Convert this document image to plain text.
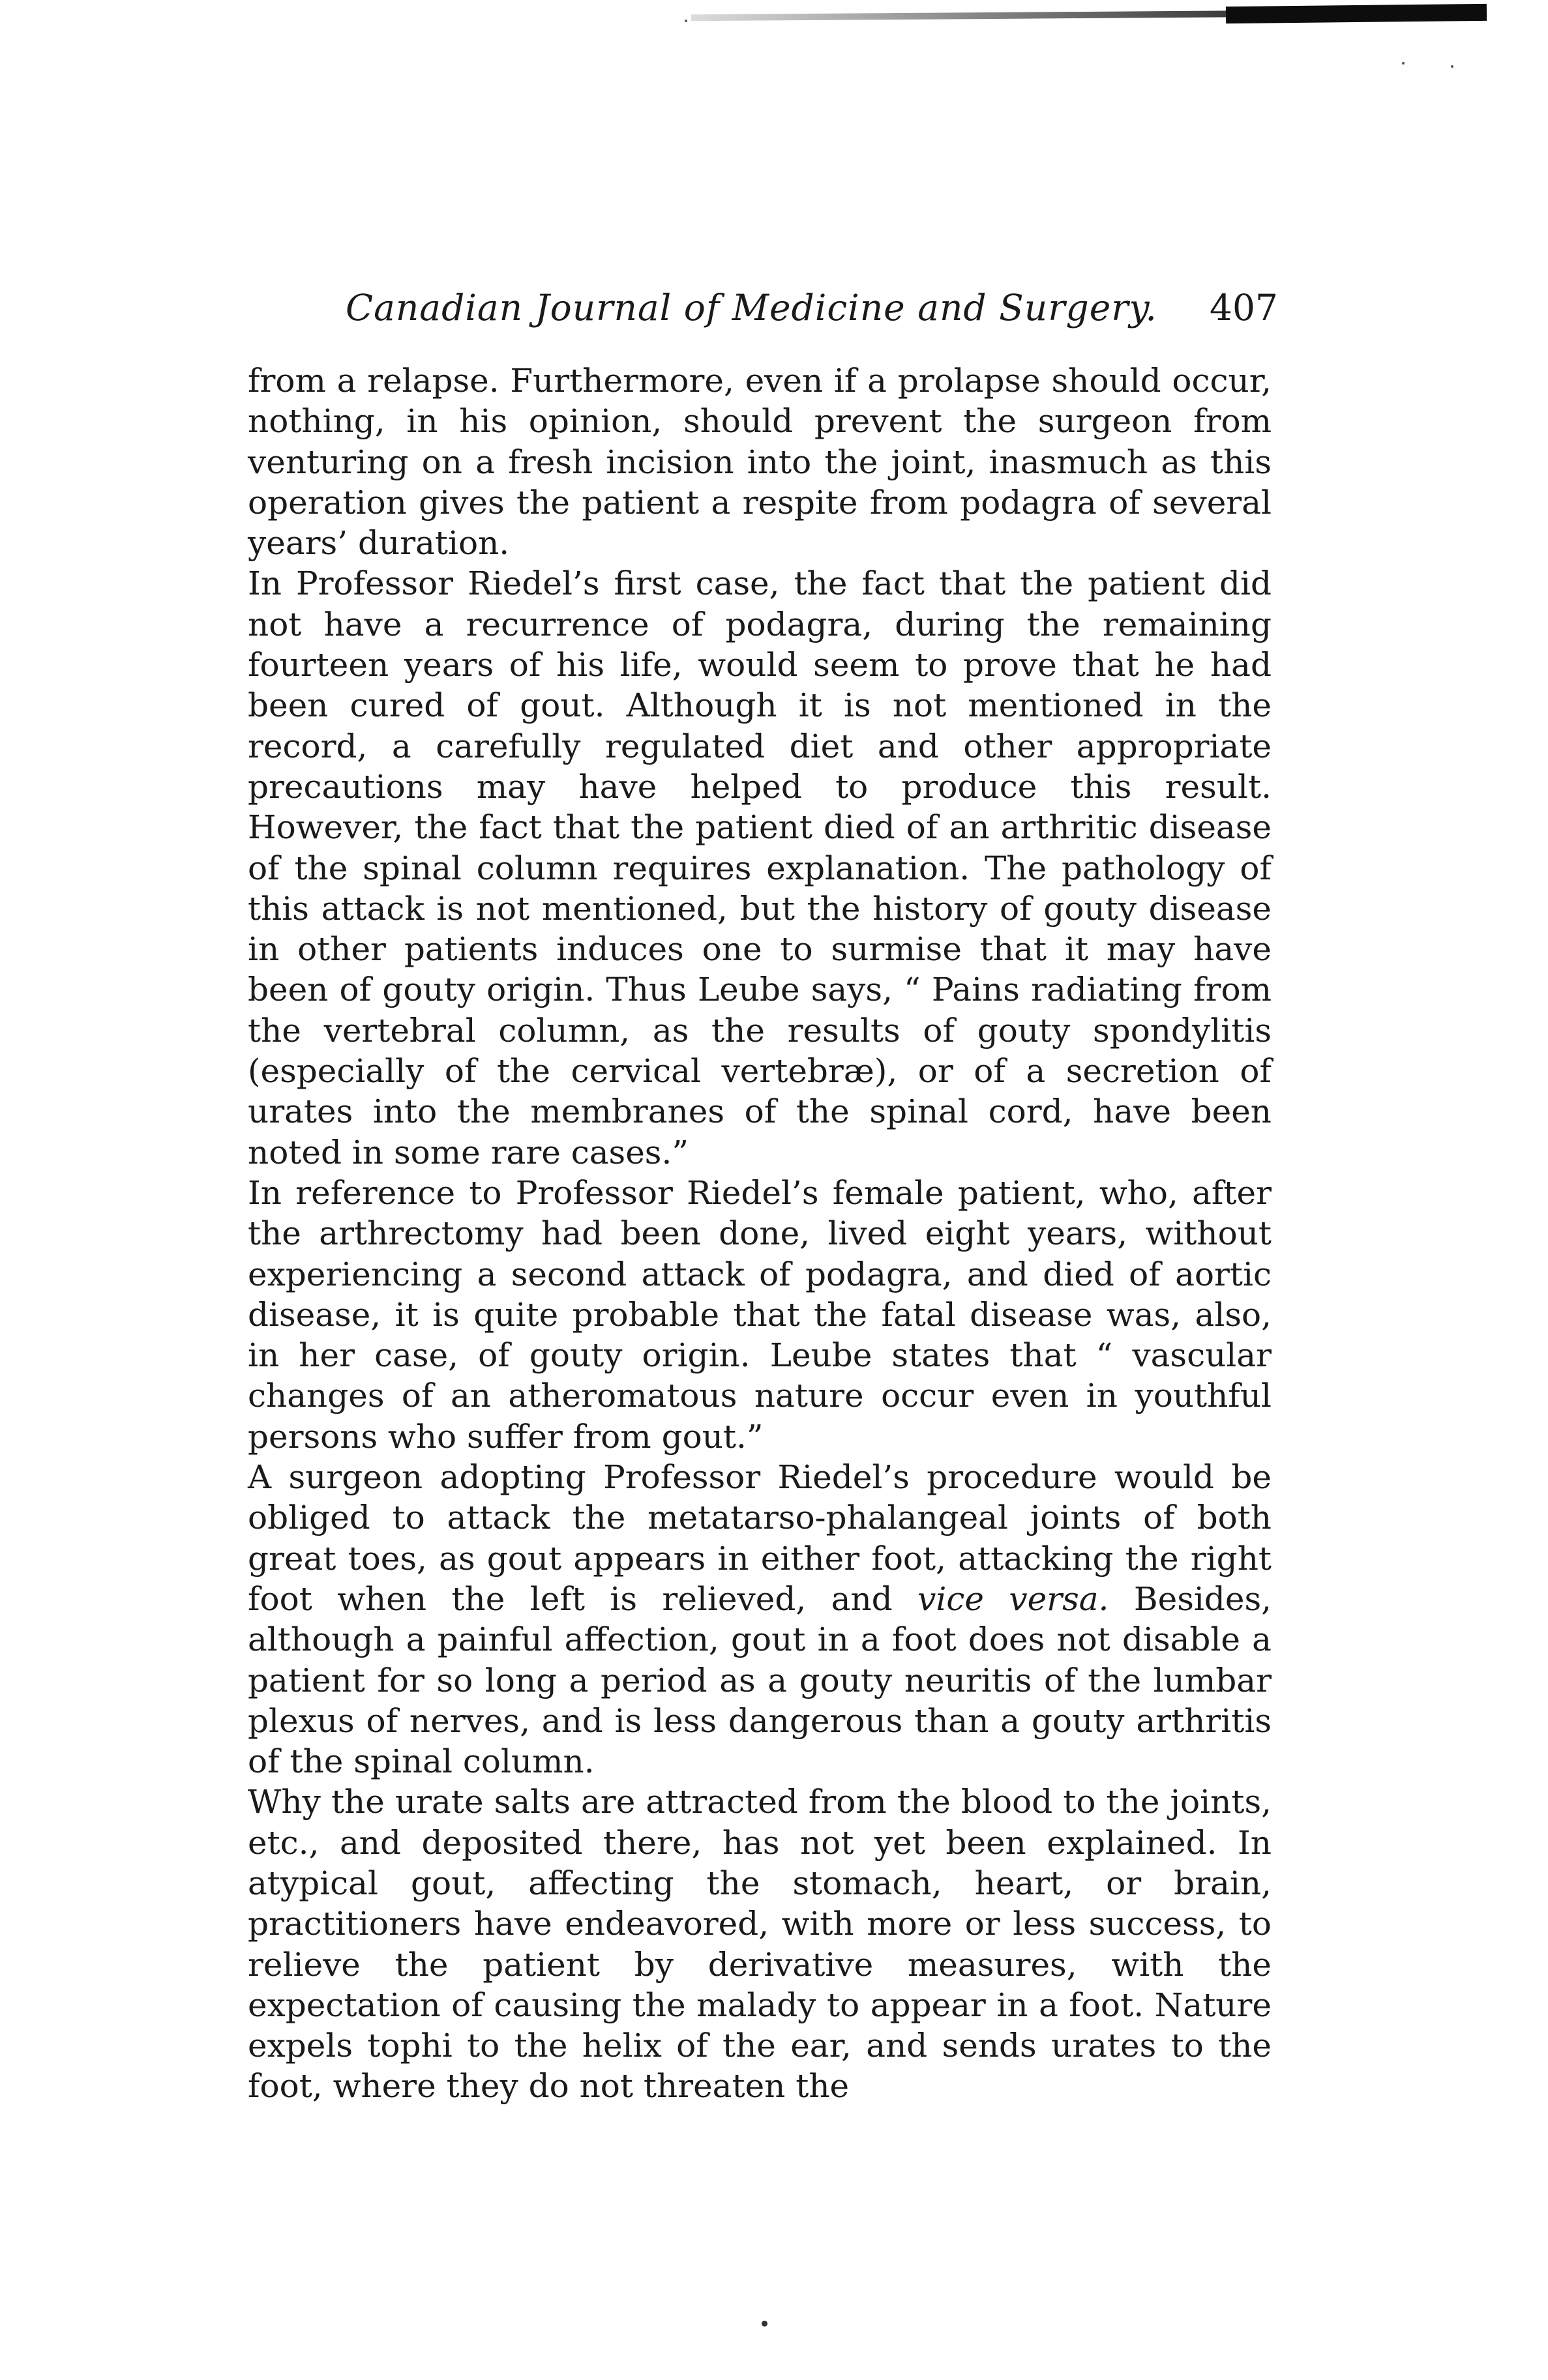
Canadian Journal of Medicine and Surgery. 407

from a relapse. Furthermore, even if a prolapse should occur, nothing, in his opinion, should prevent the surgeon from venturing on a fresh incision into the joint, inasmuch as this operation gives the patient a respite from podagra of several years’ duration.

In Professor Riedel’s first case, the fact that the patient did not have a recurrence of podagra, during the remaining fourteen years of his life, would seem to prove that he had been cured of gout. Although it is not mentioned in the record, a carefully regulated diet and other appropriate precautions may have helped to produce this result. However, the fact that the patient died of an arthritic disease of the spinal column requires explanation. The pathology of this attack is not mentioned, but the history of gouty disease in other patients induces one to surmise that it may have been of gouty origin. Thus Leube says, “ Pains radiating from the vertebral column, as the results of gouty spondylitis (especially of the cervical vertebræ), or of a secretion of urates into the membranes of the spinal cord, have been noted in some rare cases.”

In reference to Professor Riedel’s female patient, who, after the arthrectomy had been done, lived eight years, without experiencing a second attack of podagra, and died of aortic disease, it is quite probable that the fatal disease was, also, in her case, of gouty origin. Leube states that “ vascular changes of an atheromatous nature occur even in youthful persons who suffer from gout.”

A surgeon adopting Professor Riedel’s procedure would be obliged to attack the metatarso-phalangeal joints of both great toes, as gout appears in either foot, attacking the right foot when the left is relieved, and vice versa. Besides, although a painful affection, gout in a foot does not disable a patient for so long a period as a gouty neuritis of the lumbar plexus of nerves, and is less dangerous than a gouty arthritis of the spinal column.

Why the urate salts are attracted from the blood to the joints, etc., and deposited there, has not yet been explained. In atypical gout, affecting the stomach, heart, or brain, practitioners have endeavored, with more or less success, to relieve the patient by derivative measures, with the expectation of causing the malady to appear in a foot. Nature expels tophi to the helix of the ear, and sends urates to the foot, where they do not threaten the
